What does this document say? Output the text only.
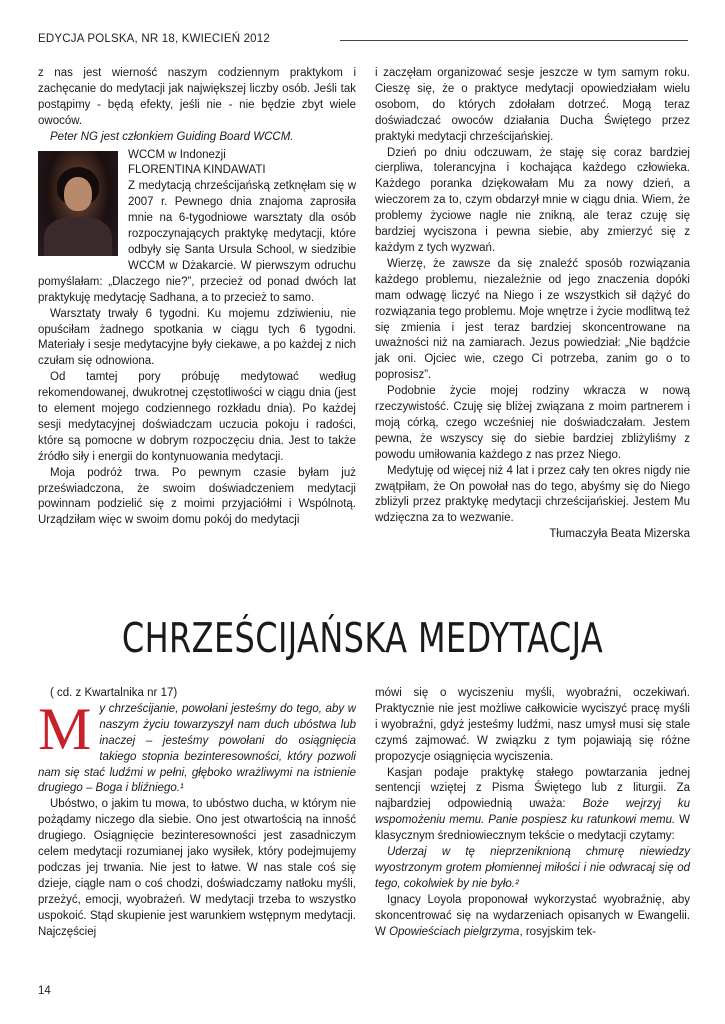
EDYCJA POLSKA, NR 18, KWIECIEŃ 2012

z nas jest wierność naszym codziennym praktykom i zachęcanie do medytacji jak największej liczby osób. Jeśli tak postąpimy - będą efekty, jeśli nie - nie będzie zbyt wiele owoców.

Peter NG jest członkiem Guiding Board WCCM.

WCCM w Indonezji
FLORENTINA KINDAWATI
Z medytacją chrześcijańską zetknęłam się w 2007 r. Pewnego dnia znajoma zaprosiła mnie na 6-tygodniowe warsztaty dla osób rozpoczynających praktykę medytacji, które odbyły się Santa Ursula School, w siedzibie WCCM w Dżakarcie. W pierwszym odruchu pomyślałam: „Dlaczego nie?”, przecież od ponad dwóch lat praktykuję medytację Sadhana, a to przecież to samo.

Warsztaty trwały 6 tygodni. Ku mojemu zdziwieniu, nie opuściłam żadnego spotkania w ciągu tych 6 tygodni. Materiały i sesje medytacyjne były ciekawe, a po każdej z nich czułam się odnowiona.

Od tamtej pory próbuję medytować według rekomendowanej, dwukrotnej częstotliwości w ciągu dnia (jest to element mojego codziennego rozkładu dnia). Po każdej sesji medytacyjnej doświadczam uczucia pokoju i radości, które są pomocne w dobrym rozpoczęciu dnia. Jest to także źródło siły i energii do kontynuowania medytacji.

Moja podróż trwa. Po pewnym czasie byłam już przeświadczona, że swoim doświadczeniem medytacji powinnam podzielić się z moimi przyjaciółmi i Wspólnotą. Urządziłam więc w swoim domu pokój do medytacji

i zaczęłam organizować sesje jeszcze w tym samym roku. Cieszę się, że o praktyce medytacji opowiedziałam wielu osobom, do których zdołałam dotrzeć. Mogą teraz doświadczać owoców działania Ducha Świętego przez praktyki medytacji chrześcijańskiej.

Dzień po dniu odczuwam, że staję się coraz bardziej cierpliwa, tolerancyjna i kochająca każdego człowieka. Każdego poranka dziękowałam Mu za nowy dzień, a wieczorem za to, czym obdarzył mnie w ciągu dnia. Wiem, że problemy życiowe nagle nie znikną, ale teraz czuję się bardziej wyciszona i pewna siebie, aby zmierzyć się z każdym z tych wyzwań.

Wierzę, że zawsze da się znaleźć sposób rozwiązania każdego problemu, niezależnie od jego znaczenia dopóki mam odwagę liczyć na Niego i ze wszystkich sił dążyć do rozwiązania tego problemu. Moje wnętrze i życie modlitwą też się zmienia i jest teraz bardziej skoncentrowane na uważności niż na zamiarach. Jezus powiedział: „Nie bądźcie jak oni. Ojciec wie, czego Ci potrzeba, zanim go o to poprosisz”.

Podobnie życie mojej rodziny wkracza w nową rzeczywistość. Czuję się bliżej związana z moim partnerem i moją córką, czego wcześniej nie doświadczałam. Jestem pewna, że wszyscy się do siebie bardziej zbliżyliśmy z powodu umiłowania każdego z nas przez Niego.

Medytuję od więcej niż 4 lat i przez cały ten okres nigdy nie zwątpiłam, że On powołał nas do tego, abyśmy się do Niego zbliżyli przez praktykę medytacji chrześcijańskiej. Jestem Mu wdzięczna za to wezwanie.

Tłumaczyła Beata Mizerska

CHRZEŚCIJAŃSKA MEDYTACJA

( cd. z Kwartalnika nr 17)

M y chrześcijanie, powołani jesteśmy do tego, aby w naszym życiu towarzyszył nam duch ubóstwa lub inaczej – jesteśmy powołani do osiągnięcia takiego stopnia bezinteresowności, który pozwoli nam się stać ludźmi w pełni, głęboko wrażliwymi na istnienie drugiego – Boga i bliźniego.¹

Ubóstwo, o jakim tu mowa, to ubóstwo ducha, w którym nie pożądamy niczego dla siebie. Ono jest otwartością na inność drugiego. Osiągnięcie bezinteresowności jest zasadniczym celem medytacji rozumianej jako wysiłek, który podejmujemy podczas jej trwania. Nie jest to łatwe. W nas stale coś się dzieje, ciągle nam o coś chodzi, doświadczamy natłoku myśli, przeżyć, emocji, wyobrażeń. W medytacji trzeba to wszystko uspokoić. Stąd skupienie jest warunkiem wstępnym medytacji. Najczęściej

mówi się o wyciszeniu myśli, wyobraźni, oczekiwań. Praktycznie nie jest możliwe całkowicie wyciszyć pracę myśli i wyobraźni, gdyż jesteśmy ludźmi, nasz umysł musi się stale czymś zajmować. W związku z tym pojawiają się różne propozycje osiągnięcia wyciszenia.

Kasjan podaje praktykę stałego powtarzania jednej sentencji wziętej z Pisma Świętego lub z liturgii. Za najbardziej odpowiednią uważa: Boże wejrzyj ku wspomożeniu memu. Panie pospiesz ku ratunkowi memu. W klasycznym średniowiecznym tekście o medytacji czytamy:

Uderzaj w tę nieprzeniknioną chmurę niewiedzy wyostrzonym grotem płomiennej miłości i nie odwracaj się od tego, cokolwiek by nie było.²

Ignacy Loyola proponował wykorzystać wyobraźnię, aby skoncentrować się na wydarzeniach opisanych w Ewangelii. W Opowieściach pielgrzyma, rosyjskim tek-

14
